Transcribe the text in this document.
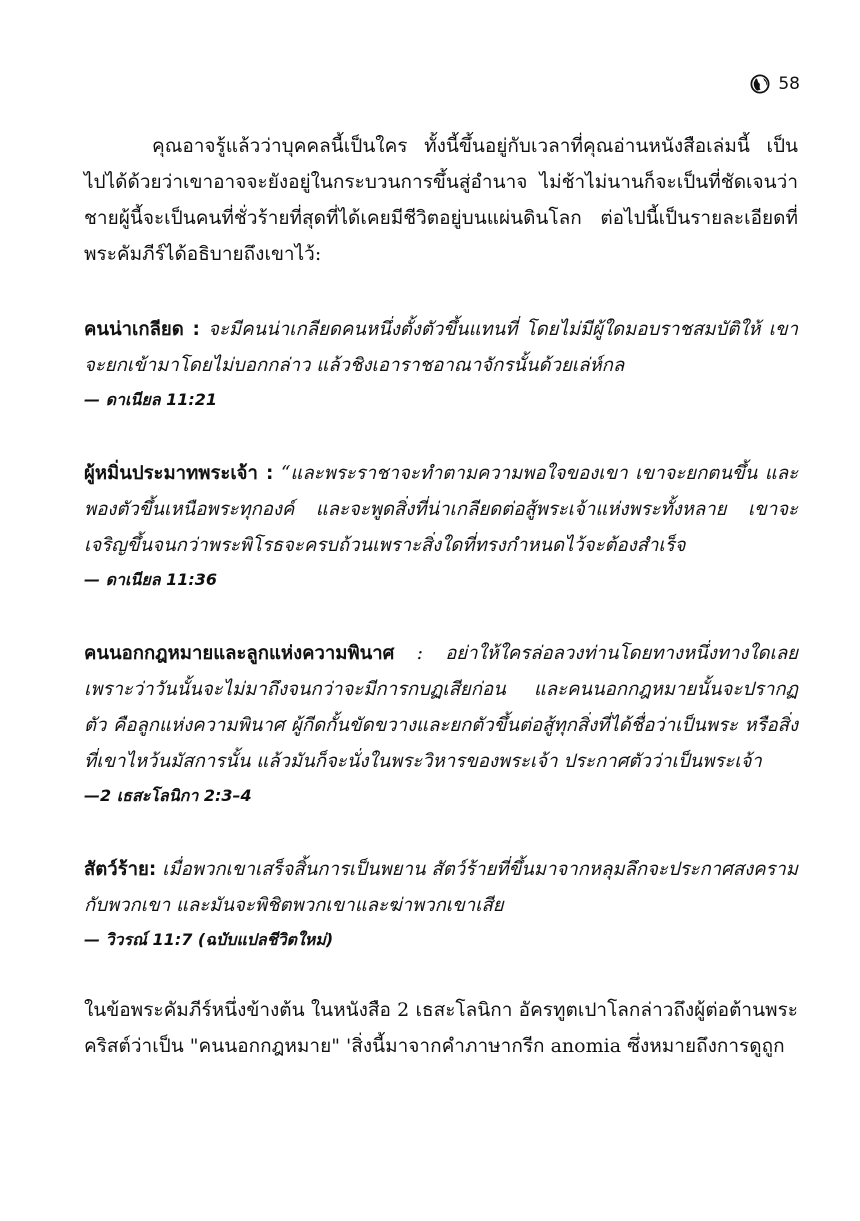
58

คุณอาจรู้แล้วว่าบุคคลนี้เป็นใคร ทั้งนี้ขึ้นอยู่กับเวลาที่คุณอ่านหนังสือเล่มนี้ เป็นไปได้ด้วยว่าเขาอาจจะยังอยู่ในกระบวนการขึ้นสู่อำนาจ ไม่ช้าไม่นานก็จะเป็นที่ชัดเจนว่า ชายผู้นี้จะเป็นคนที่ชั่วร้ายที่สุดที่ได้เคยมีชีวิตอยู่บนแผ่นดินโลก ต่อไปนี้เป็นรายละเอียดที่พระคัมภีร์ได้อธิบายถึงเขาไว้:

คนน่าเกลียด : จะมีคนน่าเกลียดคนหนึ่งตั้งตัวขึ้นแทนที่ โดยไม่มีผู้ใดมอบราชสมบัติให้ เขาจะยกเข้ามาโดยไม่บอกกล่าว แล้วชิงเอาราชอาณาจักรนั้นด้วยเล่ห์กล

— ดาเนียล 11:21

ผู้หมิ่นประมาทพระเจ้า : “และพระราชาจะทำตามความพอใจของเขา เขาจะยกตนขึ้น และพองตัวขึ้นเหนือพระทุกองค์ และจะพูดสิ่งที่น่าเกลียดต่อสู้พระเจ้าแห่งพระทั้งหลาย เขาจะเจริญขึ้นจนกว่าพระพิโรธจะครบถ้วนเพราะสิ่งใดที่ทรงกำหนดไว้จะต้องสำเร็จ

— ดาเนียล 11:36

คนนอกกฎหมายและลูกแห่งความพินาศ : อย่าให้ใครล่อลวงท่านโดยทางหนึ่งทางใดเลย เพราะว่าวันนั้นจะไม่มาถึงจนกว่าจะมีการกบฏเสียก่อน และคนนอกกฎหมายนั้นจะปรากฏตัว คือลูกแห่งความพินาศ ผู้กีดกั้นขัดขวางและยกตัวขึ้นต่อสู้ทุกสิ่งที่ได้ชื่อว่าเป็นพระ หรือสิ่งที่เขาไหว้นมัสการนั้น แล้วมันก็จะนั่งในพระวิหารของพระเจ้า ประกาศตัวว่าเป็นพระเจ้า

—2 เธสะโลนิกา 2:3–4

สัตว์ร้าย: เมื่อพวกเขาเสร็จสิ้นการเป็นพยาน สัตว์ร้ายที่ขึ้นมาจากหลุมลึกจะประกาศสงครามกับพวกเขา และมันจะพิชิตพวกเขาและฆ่าพวกเขาเสีย

— วิวรณ์ 11:7 (ฉบับแปลชีวิตใหม่)

ในข้อพระคัมภีร์หนึ่งข้างต้น ในหนังสือ 2 เธสะโลนิกา อัครทูตเปาโลกล่าวถึงผู้ต่อต้านพระคริสต์ว่าเป็น "คนนอกกฎหมาย" 'สิ่งนี้มาจากคำภาษากรีก anomia ซึ่งหมายถึงการดูถูก
